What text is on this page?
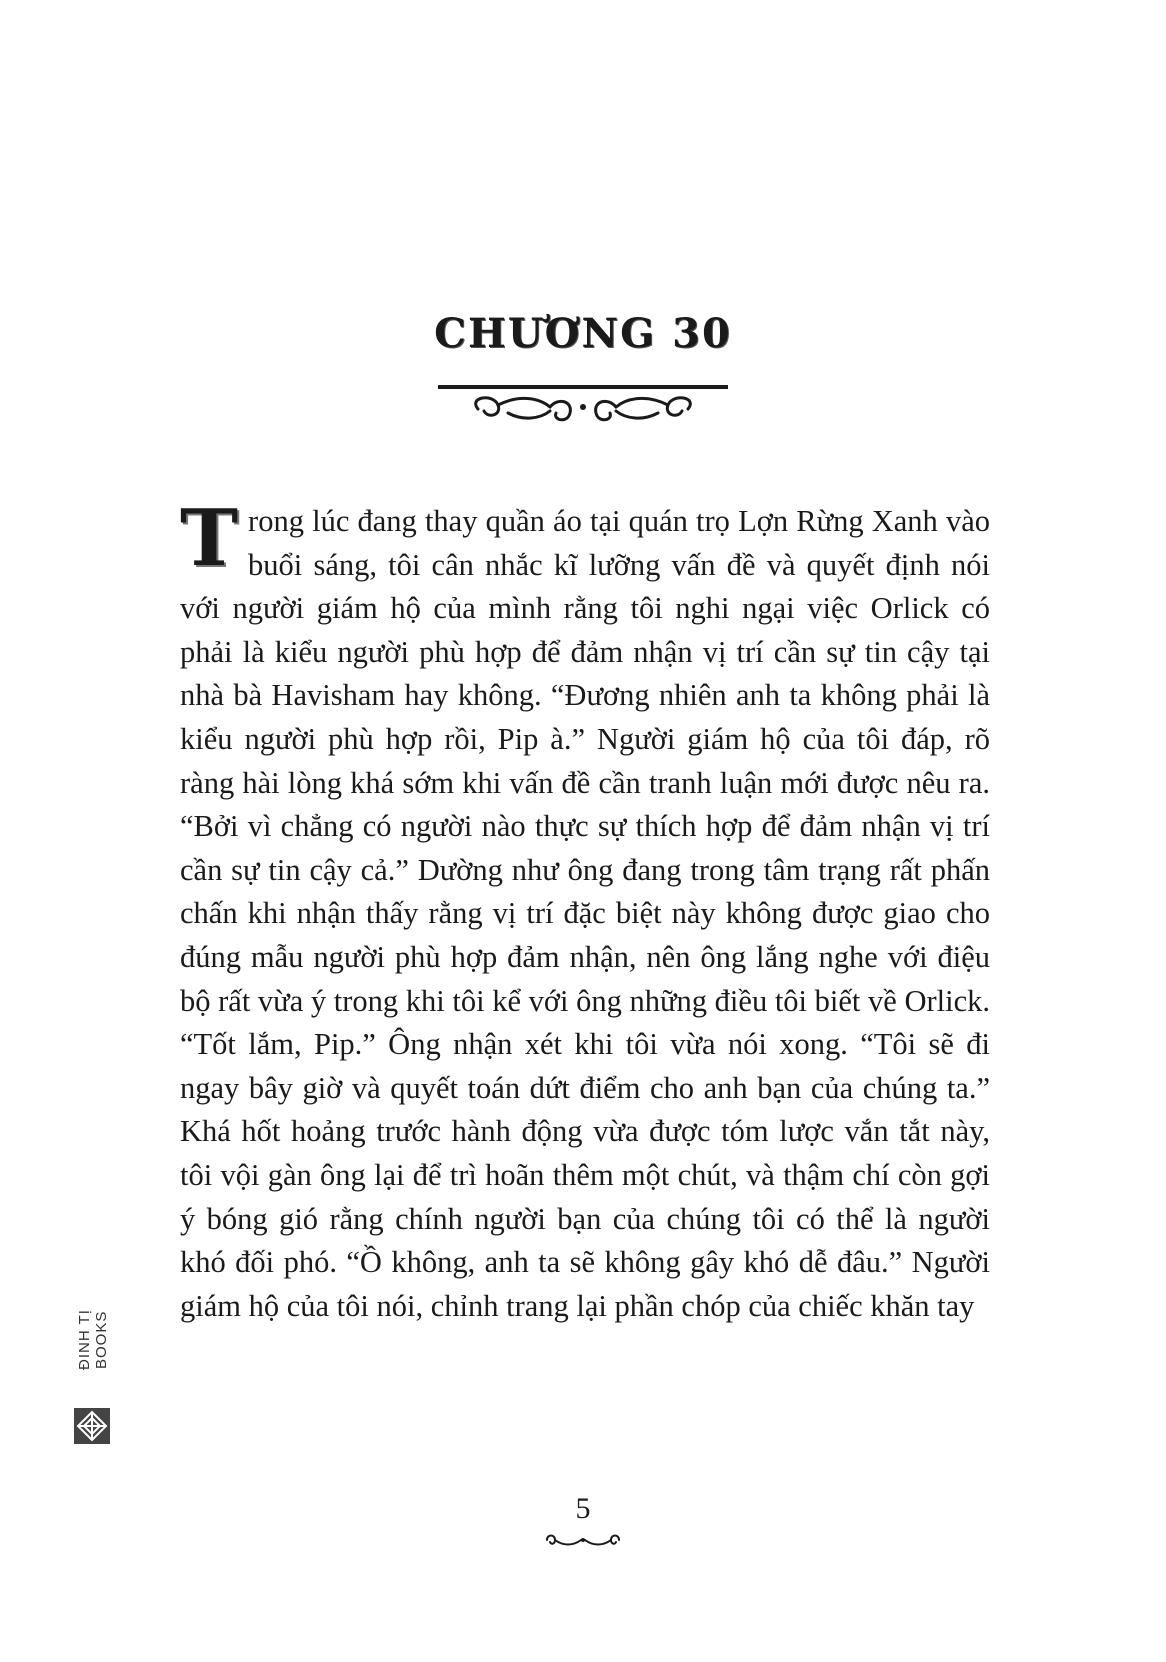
CHƯƠNG 30

Trong lúc đang thay quần áo tại quán trọ Lợn Rừng Xanh vào buổi sáng, tôi cân nhắc kĩ lưỡng vấn đề và quyết định nói với người giám hộ của mình rằng tôi nghi ngại việc Orlick có phải là kiểu người phù hợp để đảm nhận vị trí cần sự tin cậy tại nhà bà Havisham hay không. “Đương nhiên anh ta không phải là kiểu người phù hợp rồi, Pip à.” Người giám hộ của tôi đáp, rõ ràng hài lòng khá sớm khi vấn đề cần tranh luận mới được nêu ra. “Bởi vì chẳng có người nào thực sự thích hợp để đảm nhận vị trí cần sự tin cậy cả.” Dường như ông đang trong tâm trạng rất phấn chấn khi nhận thấy rằng vị trí đặc biệt này không được giao cho đúng mẫu người phù hợp đảm nhận, nên ông lắng nghe với điệu bộ rất vừa ý trong khi tôi kể với ông những điều tôi biết về Orlick. “Tốt lắm, Pip.” Ông nhận xét khi tôi vừa nói xong. “Tôi sẽ đi ngay bây giờ và quyết toán dứt điểm cho anh bạn của chúng ta.” Khá hốt hoảng trước hành động vừa được tóm lược vắn tắt này, tôi vội gàn ông lại để trì hoãn thêm một chút, và thậm chí còn gợi ý bóng gió rằng chính người bạn của chúng tôi có thể là người khó đối phó. “Ồ không, anh ta sẽ không gây khó dễ đâu.” Người giám hộ của tôi nói, chỉnh trang lại phần chóp của chiếc khăn tay

5
ĐINH TỊ BOOKS
